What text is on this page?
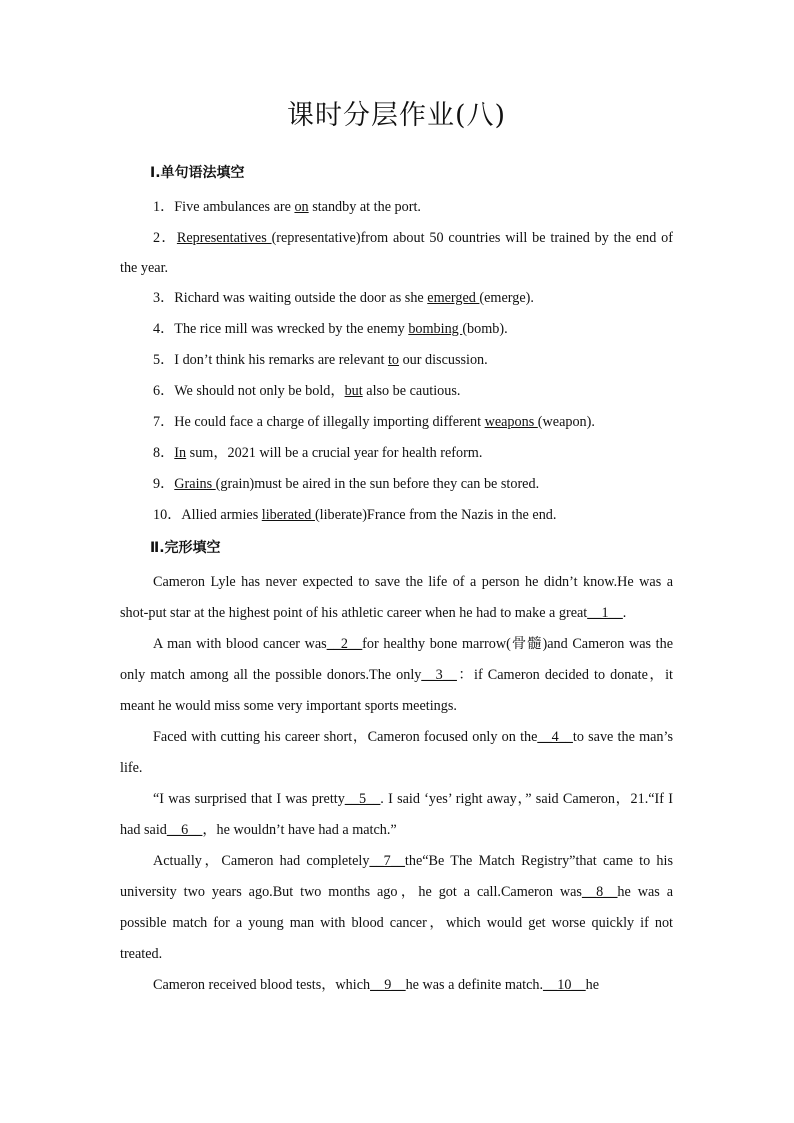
课时分层作业(八)
Ⅰ.单句语法填空

1．Five ambulances are on standby at the port.

2．Representatives (representative)from about 50 countries will be trained by the end of the year.

3．Richard was waiting outside the door as she emerged (emerge).

4．The rice mill was wrecked by the enemy bombing (bomb).

5．I don’t think his remarks are relevant to our discussion.

6．We should not only be bold，but also be cautious.

7．He could face a charge of illegally importing different weapons (weapon).

8．In sum，2021 will be a crucial year for health reform.

9．Grains (grain)must be aired in the sun before they can be stored.

10．Allied armies liberated (liberate)France from the Nazis in the end.

Ⅱ.完形填空

Cameron Lyle has never expected to save the life of a person he didn’t know.He was a shot-put star at the highest point of his athletic career when he had to make a great__1__.

A man with blood cancer was__2__for healthy bone marrow(骨髓)and Cameron was the only match among all the possible donors.The only__3__：if Cameron decided to donate，it meant he would miss some very important sports meetings.

Faced with cutting his career short，Cameron focused only on the__4__to save the man’s life.

“I was surprised that I was pretty__5__. I said ‘yes’ right away，” said Cameron，21.“If I had said__6__，he wouldn’t have had a match.”

Actually，Cameron had completely__7__the“Be The Match Registry”that came to his university two years ago.But two months ago，he got a call.Cameron was__8__he was a possible match for a young man with blood cancer，which would get worse quickly if not treated.

Cameron received blood tests，which__9__he was a definite match.__10__he
